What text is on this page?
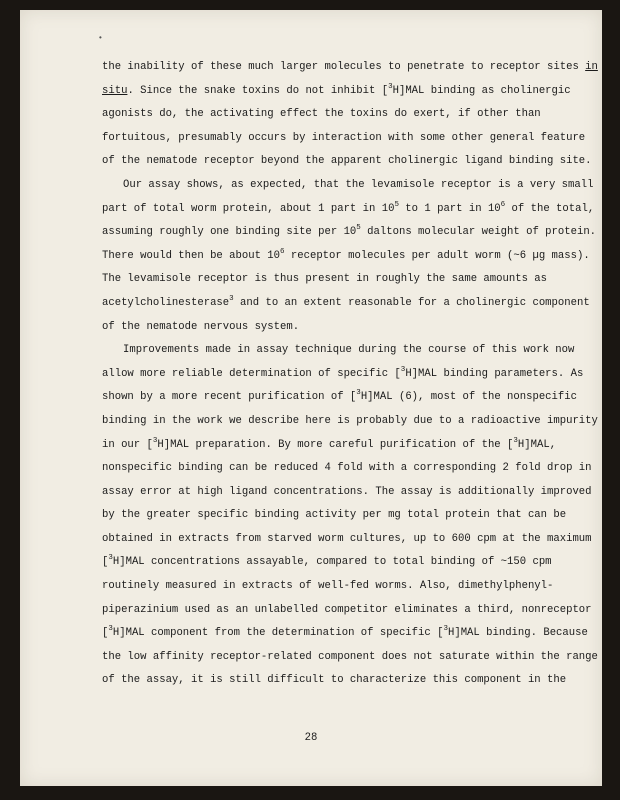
•
the inability of these much larger molecules to penetrate to receptor sites in
situ. Since the snake toxins do not inhibit [$^3$H]MAL binding as cholinergic
agonists do, the activating effect the toxins do exert, if other than
fortuitous, presumably occurs by interaction with some other general feature
of the nematode receptor beyond the apparent cholinergic ligand binding site.
Our assay shows, as expected, that the levamisole receptor is a very small
part of total worm protein, about 1 part in $10^5$ to 1 part in $10^6$ of the total,
assuming roughly one binding site per $10^5$ daltons molecular weight of protein.
There would then be about $10^6$ receptor molecules per adult worm (~6 µg mass).
The levamisole receptor is thus present in roughly the same amounts as
acetylcholinesterase$^3$ and to an extent reasonable for a cholinergic component
of the nematode nervous system.
Improvements made in assay technique during the course of this work now
allow more reliable determination of specific [$^3$H]MAL binding parameters. As
shown by a more recent purification of [$^3$H]MAL (6), most of the nonspecific
binding in the work we describe here is probably due to a radioactive impurity
in our [$^3$H]MAL preparation. By more careful purification of the [$^3$H]MAL,
nonspecific binding can be reduced 4 fold with a corresponding 2 fold drop in
assay error at high ligand concentrations. The assay is additionally improved
by the greater specific binding activity per mg total protein that can be
obtained in extracts from starved worm cultures, up to 600 cpm at the maximum
[$^3$H]MAL concentrations assayable, compared to total binding of ~150 cpm
routinely measured in extracts of well-fed worms. Also, dimethylphenyl-
piperazinium used as an unlabelled competitor eliminates a third, nonreceptor
[$^3$H]MAL component from the determination of specific [$^3$H]MAL binding. Because
the low affinity receptor-related component does not saturate within the range
of the assay, it is still difficult to characterize this component in the
28
